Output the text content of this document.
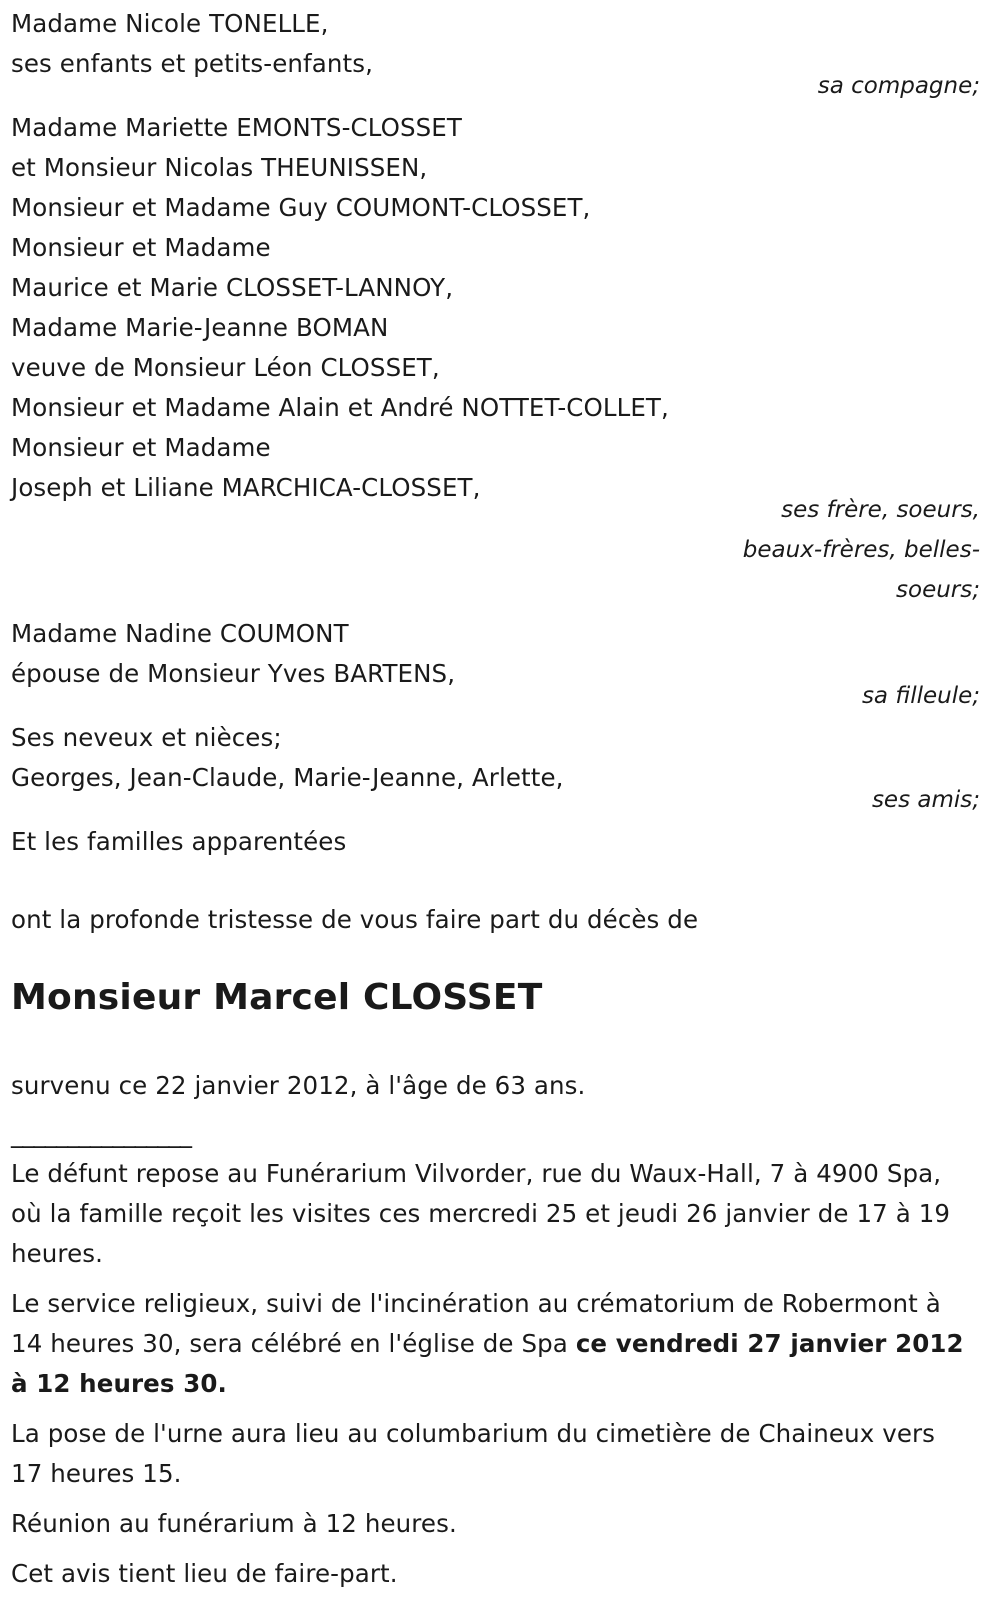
Madame Nicole TONELLE,
ses enfants et petits-enfants,
sa compagne;
Madame Mariette EMONTS-CLOSSET
et Monsieur Nicolas THEUNISSEN,
Monsieur et Madame Guy COUMONT-CLOSSET,
Monsieur et Madame
Maurice et Marie CLOSSET-LANNOY,
Madame Marie-Jeanne BOMAN
veuve de Monsieur Léon CLOSSET,
Monsieur et Madame Alain et André NOTTET-COLLET,
Monsieur et Madame
Joseph et Liliane MARCHICA-CLOSSET,
ses frère, soeurs,
beaux-frères, belles-
soeurs;
Madame Nadine COUMONT
épouse de Monsieur Yves BARTENS,
sa filleule;
Ses neveux et nièces;
Georges, Jean-Claude, Marie-Jeanne, Arlette,
ses amis;
Et les familles apparentées
ont la profonde tristesse de vous faire part du décès de
Monsieur Marcel CLOSSET
survenu ce 22 janvier 2012, à l'âge de 63 ans.
________________
Le défunt repose au Funérarium Vilvorder, rue du Waux-Hall, 7 à 4900 Spa, où la famille reçoit les visites ces mercredi 25 et jeudi 26 janvier de 17 à 19 heures.
Le service religieux, suivi de l'incinération au crématorium de Robermont à 14 heures 30, sera célébré en l'église de Spa ce vendredi 27 janvier 2012 à 12 heures 30.
La pose de l'urne aura lieu au columbarium du cimetière de Chaineux vers 17 heures 15.
Réunion au funérarium à 12 heures.
Cet avis tient lieu de faire-part.
